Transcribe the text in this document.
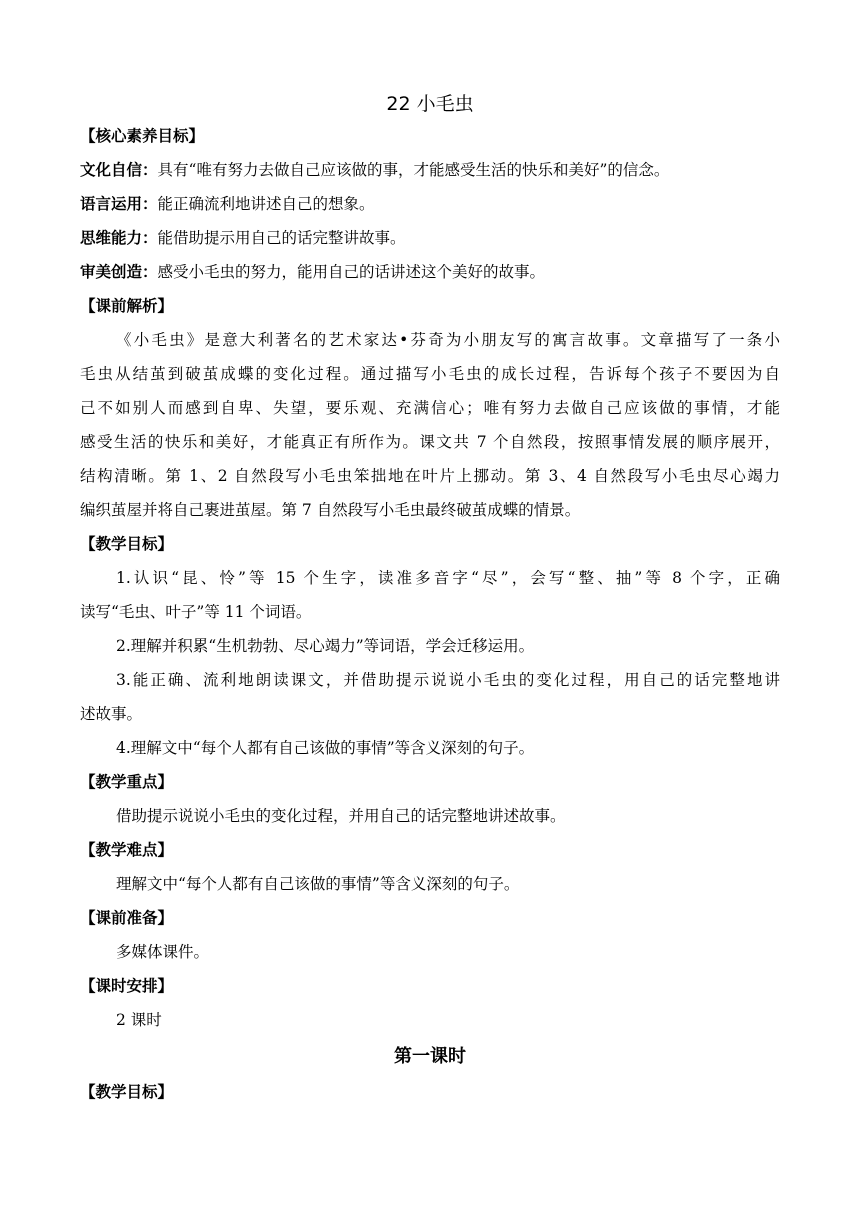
22 小毛虫
【核心素养目标】
文化自信：具有“唯有努力去做自己应该做的事，才能感受生活的快乐和美好”的信念。
语言运用：能正确流利地讲述自己的想象。
思维能力：能借助提示用自己的话完整讲故事。
审美创造：感受小毛虫的努力，能用自己的话讲述这个美好的故事。
【课前解析】
《小毛虫》是意大利著名的艺术家达•芬奇为小朋友写的寓言故事。文章描写了一条小
毛虫从结茧到破茧成蝶的变化过程。通过描写小毛虫的成长过程，告诉每个孩子不要因为自
己不如别人而感到自卑、失望，要乐观、充满信心；唯有努力去做自己应该做的事情，才能
感受生活的快乐和美好，才能真正有所作为。课文共 7 个自然段，按照事情发展的顺序展开，
结构清晰。第 1、2 自然段写小毛虫笨拙地在叶片上挪动。第 3、4 自然段写小毛虫尽心竭力
编织茧屋并将自己裹进茧屋。第 7 自然段写小毛虫最终破茧成蝶的情景。
【教学目标】
1.认识“昆、怜”等 15 个生字，读准多音字“尽”，会写“整、抽”等 8 个字，正确
读写“毛虫、叶子”等 11 个词语。
2.理解并积累“生机勃勃、尽心竭力”等词语，学会迁移运用。
3.能正确、流利地朗读课文，并借助提示说说小毛虫的变化过程，用自己的话完整地讲
述故事。
4.理解文中“每个人都有自己该做的事情”等含义深刻的句子。
【教学重点】
借助提示说说小毛虫的变化过程，并用自己的话完整地讲述故事。
【教学难点】
理解文中“每个人都有自己该做的事情”等含义深刻的句子。
【课前准备】
多媒体课件。
【课时安排】
2 课时
第一课时
【教学目标】
